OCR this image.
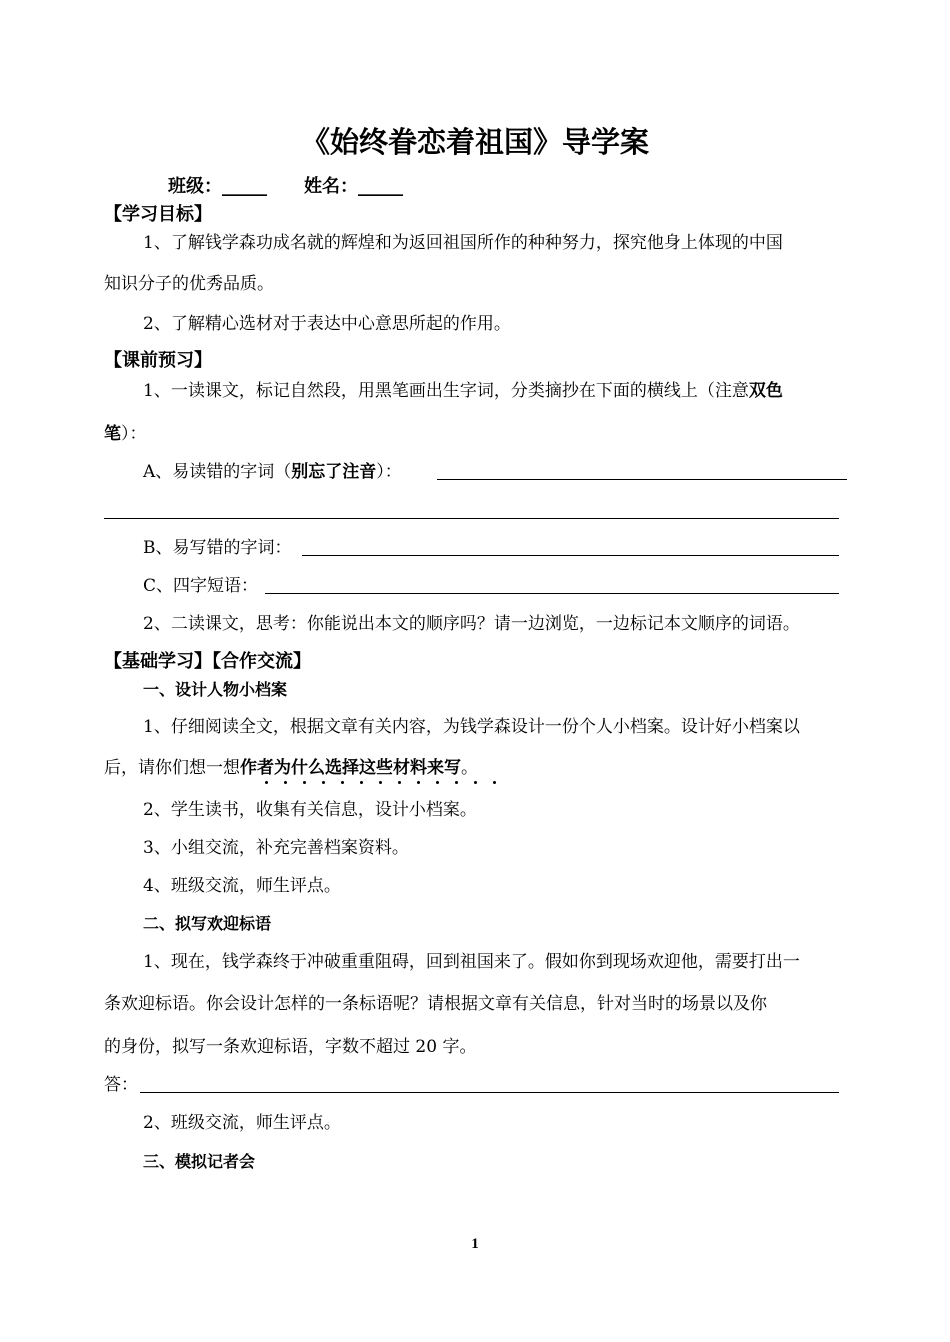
《始终眷恋着祖国》导学案
班级：_____ 姓名：_____
【学习目标】
1、了解钱学森功成名就的辉煌和为返回祖国所作的种种努力，探究他身上体现的中国
知识分子的优秀品质。
2、了解精心选材对于表达中心意思所起的作用。
【课前预习】
1、一读课文，标记自然段，用黑笔画出生字词，分类摘抄在下面的横线上（注意双色
笔）：
A、易读错的字词（别忘了注音）：
B、易写错的字词：
C、四字短语：
2、二读课文，思考：你能说出本文的顺序吗？请一边浏览，一边标记本文顺序的词语。
【基础学习】【合作交流】
一、设计人物小档案
1、仔细阅读全文，根据文章有关内容，为钱学森设计一份个人小档案。设计好小档案以
后，请你们想一想作者为什么选择这些材料来写。
2、学生读书，收集有关信息，设计小档案。
3、小组交流，补充完善档案资料。
4、班级交流，师生评点。
二、拟写欢迎标语
1、现在，钱学森终于冲破重重阻碍，回到祖国来了。假如你到现场欢迎他，需要打出一
条欢迎标语。你会设计怎样的一条标语呢？请根据文章有关信息，针对当时的场景以及你
的身份，拟写一条欢迎标语，字数不超过 20 字。
答：
2、班级交流，师生评点。
三、模拟记者会
1
